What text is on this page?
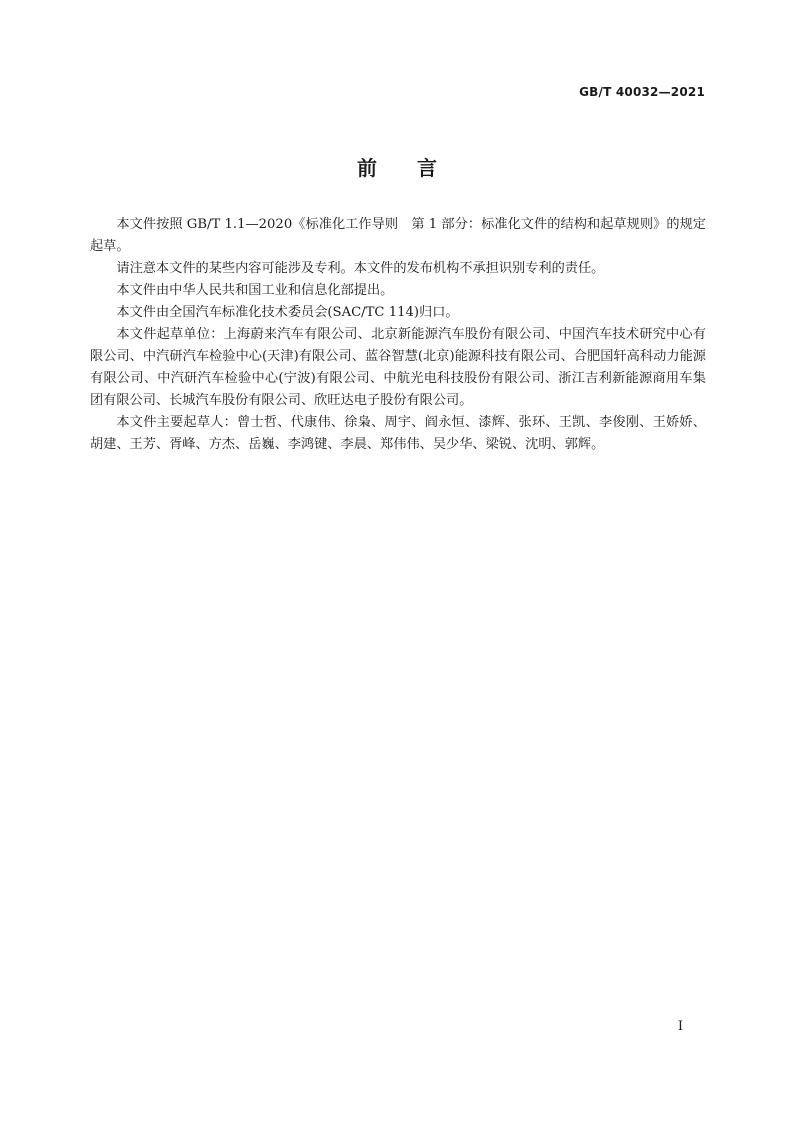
GB/T 40032—2021
前　　言

本文件按照 GB/T 1.1—2020《标准化工作导则　第 1 部分：标准化文件的结构和起草规则》的规定起草。

请注意本文件的某些内容可能涉及专利。本文件的发布机构不承担识别专利的责任。

本文件由中华人民共和国工业和信息化部提出。

本文件由全国汽车标准化技术委员会(SAC/TC 114)归口。

本文件起草单位：上海蔚来汽车有限公司、北京新能源汽车股份有限公司、中国汽车技术研究中心有限公司、中汽研汽车检验中心(天津)有限公司、蓝谷智慧(北京)能源科技有限公司、合肥国轩高科动力能源有限公司、中汽研汽车检验中心(宁波)有限公司、中航光电科技股份有限公司、浙江吉利新能源商用车集团有限公司、长城汽车股份有限公司、欣旺达电子股份有限公司。

本文件主要起草人：曾士哲、代康伟、徐枭、周宇、阎永恒、漆辉、张环、王凯、李俊刚、王娇娇、胡建、王芳、胥峰、方杰、岳巍、李鸿键、李晨、郑伟伟、吴少华、梁锐、沈明、郭辉。

I
